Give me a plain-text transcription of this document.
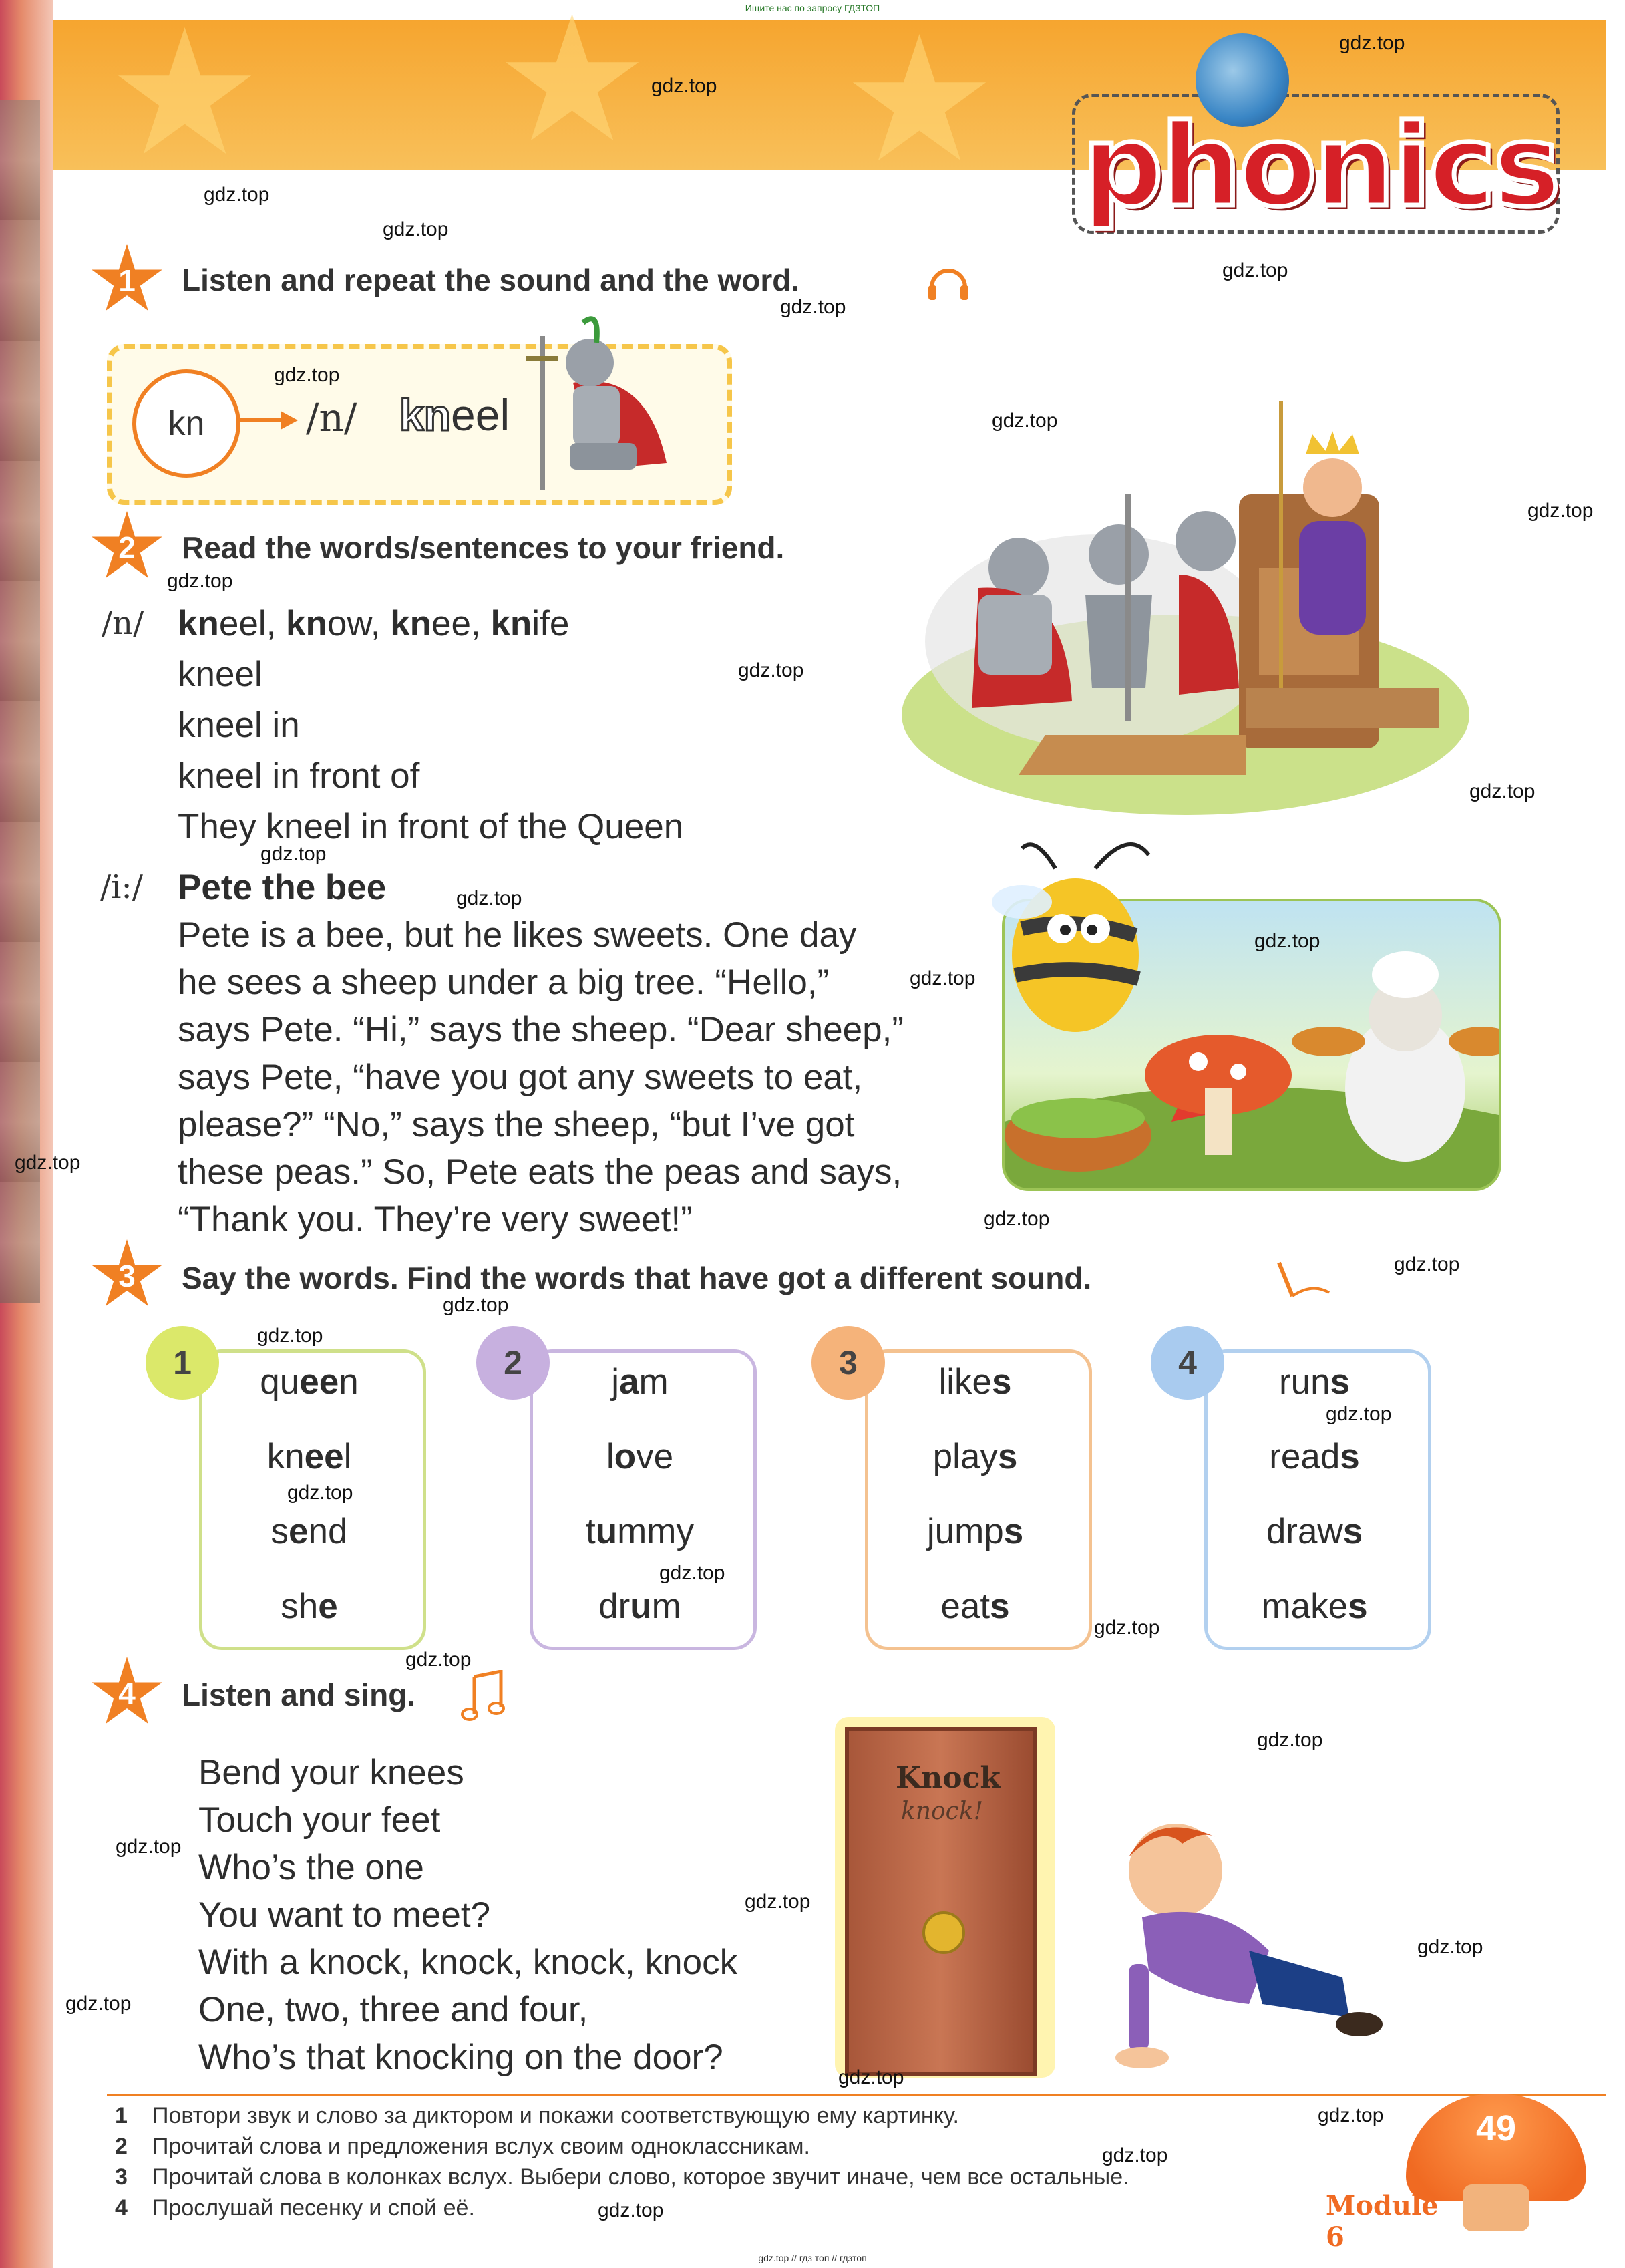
★ ★ ★
Ищите нас по запросу ГДЗТОП
phonics
1	Listen and repeat the sound and the word.
kn	/n/ kneel
2	Read the words/sentences to your friend.
/n/ kneel, know, knee, knife
kneel
kneel in
kneel in front of
They kneel in front of the Queen
/i:/ Pete the bee
Pete is a bee, but he likes sweets. One day
he sees a sheep under a big tree. “Hello,”
says Pete. “Hi,” says the sheep. “Dear sheep,”
says Pete, “have you got any sweets to eat,
please?” “No,” says the sheep, “but I’ve got
these peas.” So, Pete eats the peas and says,
“Thank you. They’re very sweet!”
3	Say the words. Find the words that have got a different sound.
1	queen
kneel
send
she
2	jam
love
tummy
drum
3	likes
plays
jumps
eats
4	runs
reads
draws
makes
4	Listen and sing.
Bend your knees
Touch your feet
Who’s the one
You want to meet?
With a knock, knock, knock, knock
One, two, three and four,
Who’s that knocking on the door?
Knock
knock!
1 Повтори звук и слово за диктором и покажи соответствующую ему картинку.
2 Прочитай слова и предложения вслух своим одноклассникам.
3 Прочитай слова в колонках вслух. Выбери слово, которое звучит иначе, чем все остальные.
4 Прослушай песенку и спой её.
49
Module 6
gdz.top // гдз топ // гдзтоп
gdz.top
gdz.top
gdz.top
gdz.top
gdz.top
gdz.top
gdz.top
gdz.top
gdz.top
gdz.top
gdz.top
gdz.top
gdz.top
gdz.top
gdz.top
gdz.top
gdz.top
gdz.top
gdz.top
gdz.top
gdz.top
gdz.top
gdz.top
gdz.top
gdz.top
gdz.top
gdz.top
gdz.top
gdz.top
gdz.top
gdz.top
gdz.top
gdz.top
gdz.top
gdz.top
